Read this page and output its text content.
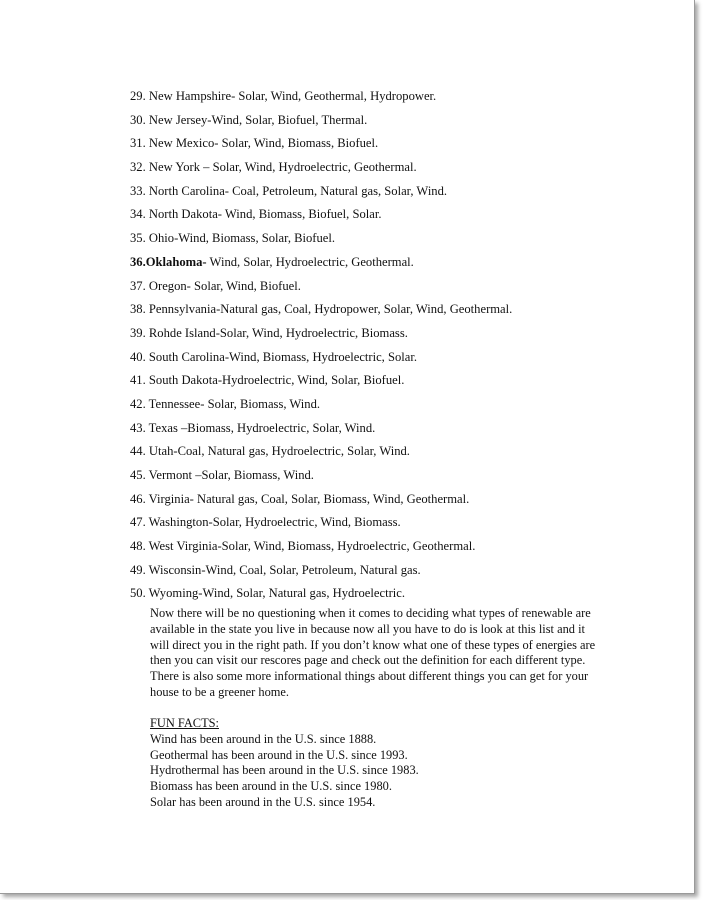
29. New Hampshire- Solar, Wind, Geothermal, Hydropower.
30. New Jersey-Wind, Solar, Biofuel, Thermal.
31. New Mexico- Solar, Wind, Biomass, Biofuel.
32. New York – Solar, Wind, Hydroelectric, Geothermal.
33. North Carolina- Coal, Petroleum, Natural gas, Solar, Wind.
34. North Dakota- Wind, Biomass, Biofuel, Solar.
35. Ohio-Wind, Biomass, Solar, Biofuel.
36.Oklahoma- Wind, Solar, Hydroelectric, Geothermal.
37. Oregon- Solar, Wind, Biofuel.
38. Pennsylvania-Natural gas, Coal, Hydropower, Solar, Wind, Geothermal.
39. Rohde Island-Solar, Wind, Hydroelectric, Biomass.
40. South Carolina-Wind, Biomass, Hydroelectric, Solar.
41. South Dakota-Hydroelectric, Wind, Solar, Biofuel.
42. Tennessee- Solar, Biomass, Wind.
43. Texas –Biomass, Hydroelectric, Solar, Wind.
44. Utah-Coal, Natural gas, Hydroelectric, Solar, Wind.
45. Vermont –Solar, Biomass, Wind.
46. Virginia- Natural gas, Coal, Solar, Biomass, Wind, Geothermal.
47. Washington-Solar, Hydroelectric, Wind, Biomass.
48. West Virginia-Solar, Wind, Biomass, Hydroelectric, Geothermal.
49. Wisconsin-Wind, Coal, Solar, Petroleum, Natural gas.
50. Wyoming-Wind, Solar, Natural gas, Hydroelectric.

Now there will be no questioning when it comes to deciding what types of renewable are available in the state you live in because now all you have to do is look at this list and it will direct you in the right path. If you don’t know what one of these types of energies are then you can visit our rescores page and check out the definition for each different type. There is also some more informational things about different things you can get for your house to be a greener home.

FUN FACTS:
Wind has been around in the U.S. since 1888.
Geothermal has been around in the U.S. since 1993.
Hydrothermal has been around in the U.S. since 1983.
Biomass has been around in the U.S. since 1980.
Solar has been around in the U.S. since 1954.
